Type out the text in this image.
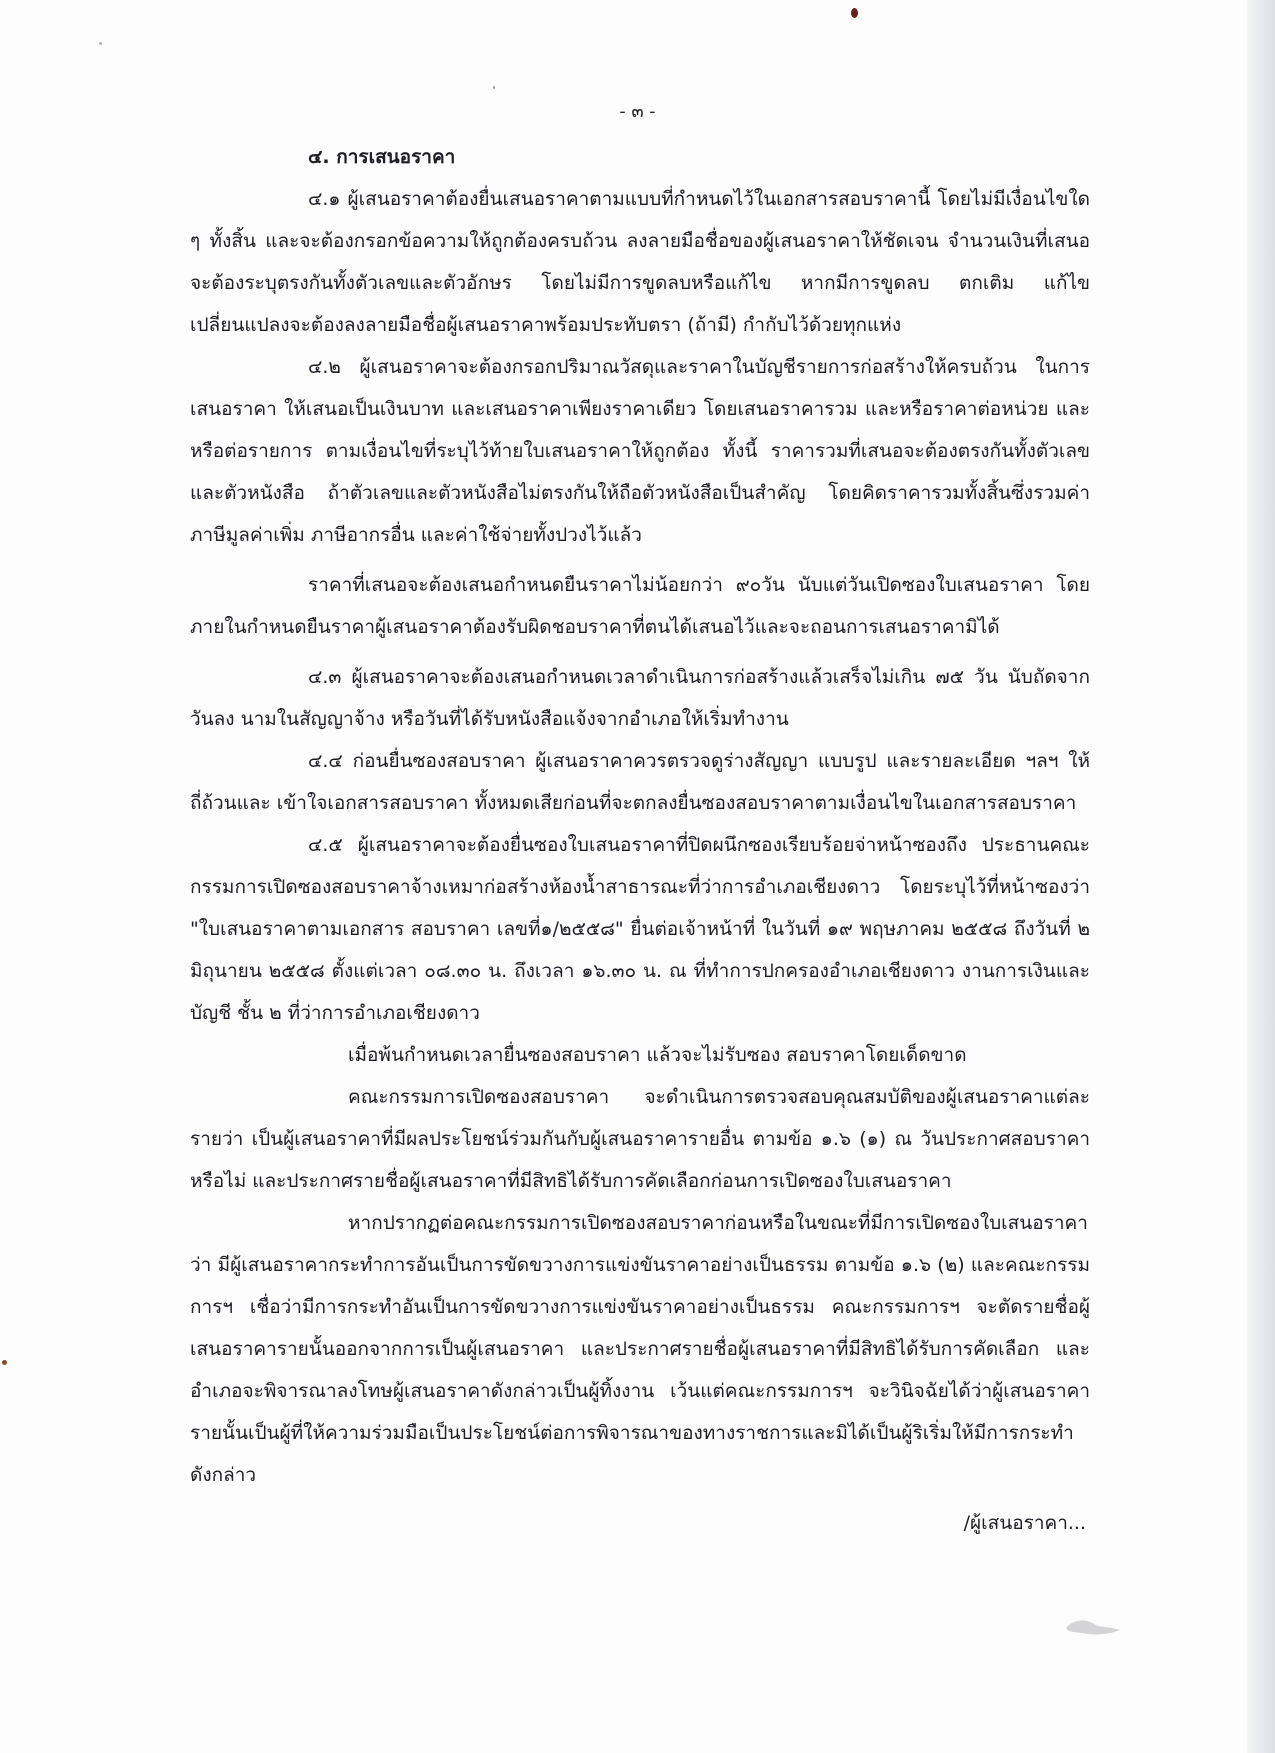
- ๓ -

๔. การเสนอราคา

๔.๑ ผู้เสนอราคาต้องยื่นเสนอราคาตามแบบที่กำหนดไว้ในเอกสารสอบราคานี้ โดยไม่มีเงื่อนไขใด ๆ ทั้งสิ้น และจะต้องกรอกข้อความให้ถูกต้องครบถ้วน ลงลายมือชื่อของผู้เสนอราคาให้ชัดเจน จำนวนเงินที่เสนอจะต้องระบุตรงกันทั้งตัวเลขและตัวอักษร โดยไม่มีการขูดลบหรือแก้ไข หากมีการขูดลบ ตกเติม แก้ไขเปลี่ยนแปลงจะต้องลงลายมือชื่อผู้เสนอราคาพร้อมประทับตรา (ถ้ามี) กำกับไว้ด้วยทุกแห่ง

๔.๒ ผู้เสนอราคาจะต้องกรอกปริมาณวัสดุและราคาในบัญชีรายการก่อสร้างให้ครบถ้วน ในการเสนอราคา ให้เสนอเป็นเงินบาท และเสนอราคาเพียงราคาเดียว โดยเสนอราคารวม และหรือราคาต่อหน่วย และหรือต่อรายการ ตามเงื่อนไขที่ระบุไว้ท้ายใบเสนอราคาให้ถูกต้อง ทั้งนี้ ราคารวมที่เสนอจะต้องตรงกันทั้งตัวเลขและตัวหนังสือ ถ้าตัวเลขและตัวหนังสือไม่ตรงกันให้ถือตัวหนังสือเป็นสำคัญ โดยคิดราคารวมทั้งสิ้นซึ่งรวมค่าภาษีมูลค่าเพิ่ม ภาษีอากรอื่น และค่าใช้จ่ายทั้งปวงไว้แล้ว

ราคาที่เสนอจะต้องเสนอกำหนดยืนราคาไม่น้อยกว่า ๙๐วัน นับแต่วันเปิดซองใบเสนอราคา โดย ภายในกำหนดยืนราคาผู้เสนอราคาต้องรับผิดชอบราคาที่ตนได้เสนอไว้และจะถอนการเสนอราคามิได้

๔.๓ ผู้เสนอราคาจะต้องเสนอกำหนดเวลาดำเนินการก่อสร้างแล้วเสร็จไม่เกิน ๗๕ วัน นับถัดจากวันลง นามในสัญญาจ้าง หรือวันที่ได้รับหนังสือแจ้งจากอำเภอให้เริ่มทำงาน

๔.๔ ก่อนยื่นซองสอบราคา ผู้เสนอราคาควรตรวจดูร่างสัญญา แบบรูป และรายละเอียด ฯลฯ ให้ถี่ถ้วนและ เข้าใจเอกสารสอบราคา ทั้งหมดเสียก่อนที่จะตกลงยื่นซองสอบราคาตามเงื่อนไขในเอกสารสอบราคา

๔.๕ ผู้เสนอราคาจะต้องยื่นซองใบเสนอราคาที่ปิดผนึกซองเรียบร้อยจ่าหน้าซองถึง ประธานคณะกรรมการเปิดซองสอบราคาจ้างเหมาก่อสร้างห้องน้ำสาธารณะที่ว่าการอำเภอเชียงดาว โดยระบุไว้ที่หน้าซองว่า "ใบเสนอราคาตามเอกสาร สอบราคา เลขที่๑/๒๕๕๘" ยื่นต่อเจ้าหน้าที่ ในวันที่ ๑๙ พฤษภาคม ๒๕๕๘ ถึงวันที่ ๒ มิถุนายน ๒๕๕๘ ตั้งแต่เวลา ๐๘.๓๐ น. ถึงเวลา ๑๖.๓๐ น. ณ ที่ทำการปกครองอำเภอเชียงดาว งานการเงินและบัญชี ชั้น ๒ ที่ว่าการอำเภอเชียงดาว

เมื่อพ้นกำหนดเวลายื่นซองสอบราคา แล้วจะไม่รับซอง สอบราคาโดยเด็ดขาด

คณะกรรมการเปิดซองสอบราคา จะดำเนินการตรวจสอบคุณสมบัติของผู้เสนอราคาแต่ละรายว่า เป็นผู้เสนอราคาที่มีผลประโยชน์ร่วมกันกับผู้เสนอราคารายอื่น ตามข้อ ๑.๖ (๑) ณ วันประกาศสอบราคาหรือไม่ และประกาศรายชื่อผู้เสนอราคาที่มีสิทธิได้รับการคัดเลือกก่อนการเปิดซองใบเสนอราคา

หากปรากฏต่อคณะกรรมการเปิดซองสอบราคาก่อนหรือในขณะที่มีการเปิดซองใบเสนอราคาว่า มีผู้เสนอราคากระทำการอันเป็นการขัดขวางการแข่งขันราคาอย่างเป็นธรรม ตามข้อ ๑.๖ (๒) และคณะกรรมการฯ เชื่อว่ามีการกระทำอันเป็นการขัดขวางการแข่งขันราคาอย่างเป็นธรรม คณะกรรมการฯ จะตัดรายชื่อผู้เสนอราคารายนั้นออกจากการเป็นผู้เสนอราคา และประกาศรายชื่อผู้เสนอราคาที่มีสิทธิได้รับการคัดเลือก และอำเภอจะพิจารณาลงโทษผู้เสนอราคาดังกล่าวเป็นผู้ทิ้งงาน เว้นแต่คณะกรรมการฯ จะวินิจฉัยได้ว่าผู้เสนอราคารายนั้นเป็นผู้ที่ให้ความร่วมมือเป็นประโยชน์ต่อการพิจารณาของทางราชการและมิได้เป็นผู้ริเริ่มให้มีการกระทำดังกล่าว

/ผู้เสนอราคา...
